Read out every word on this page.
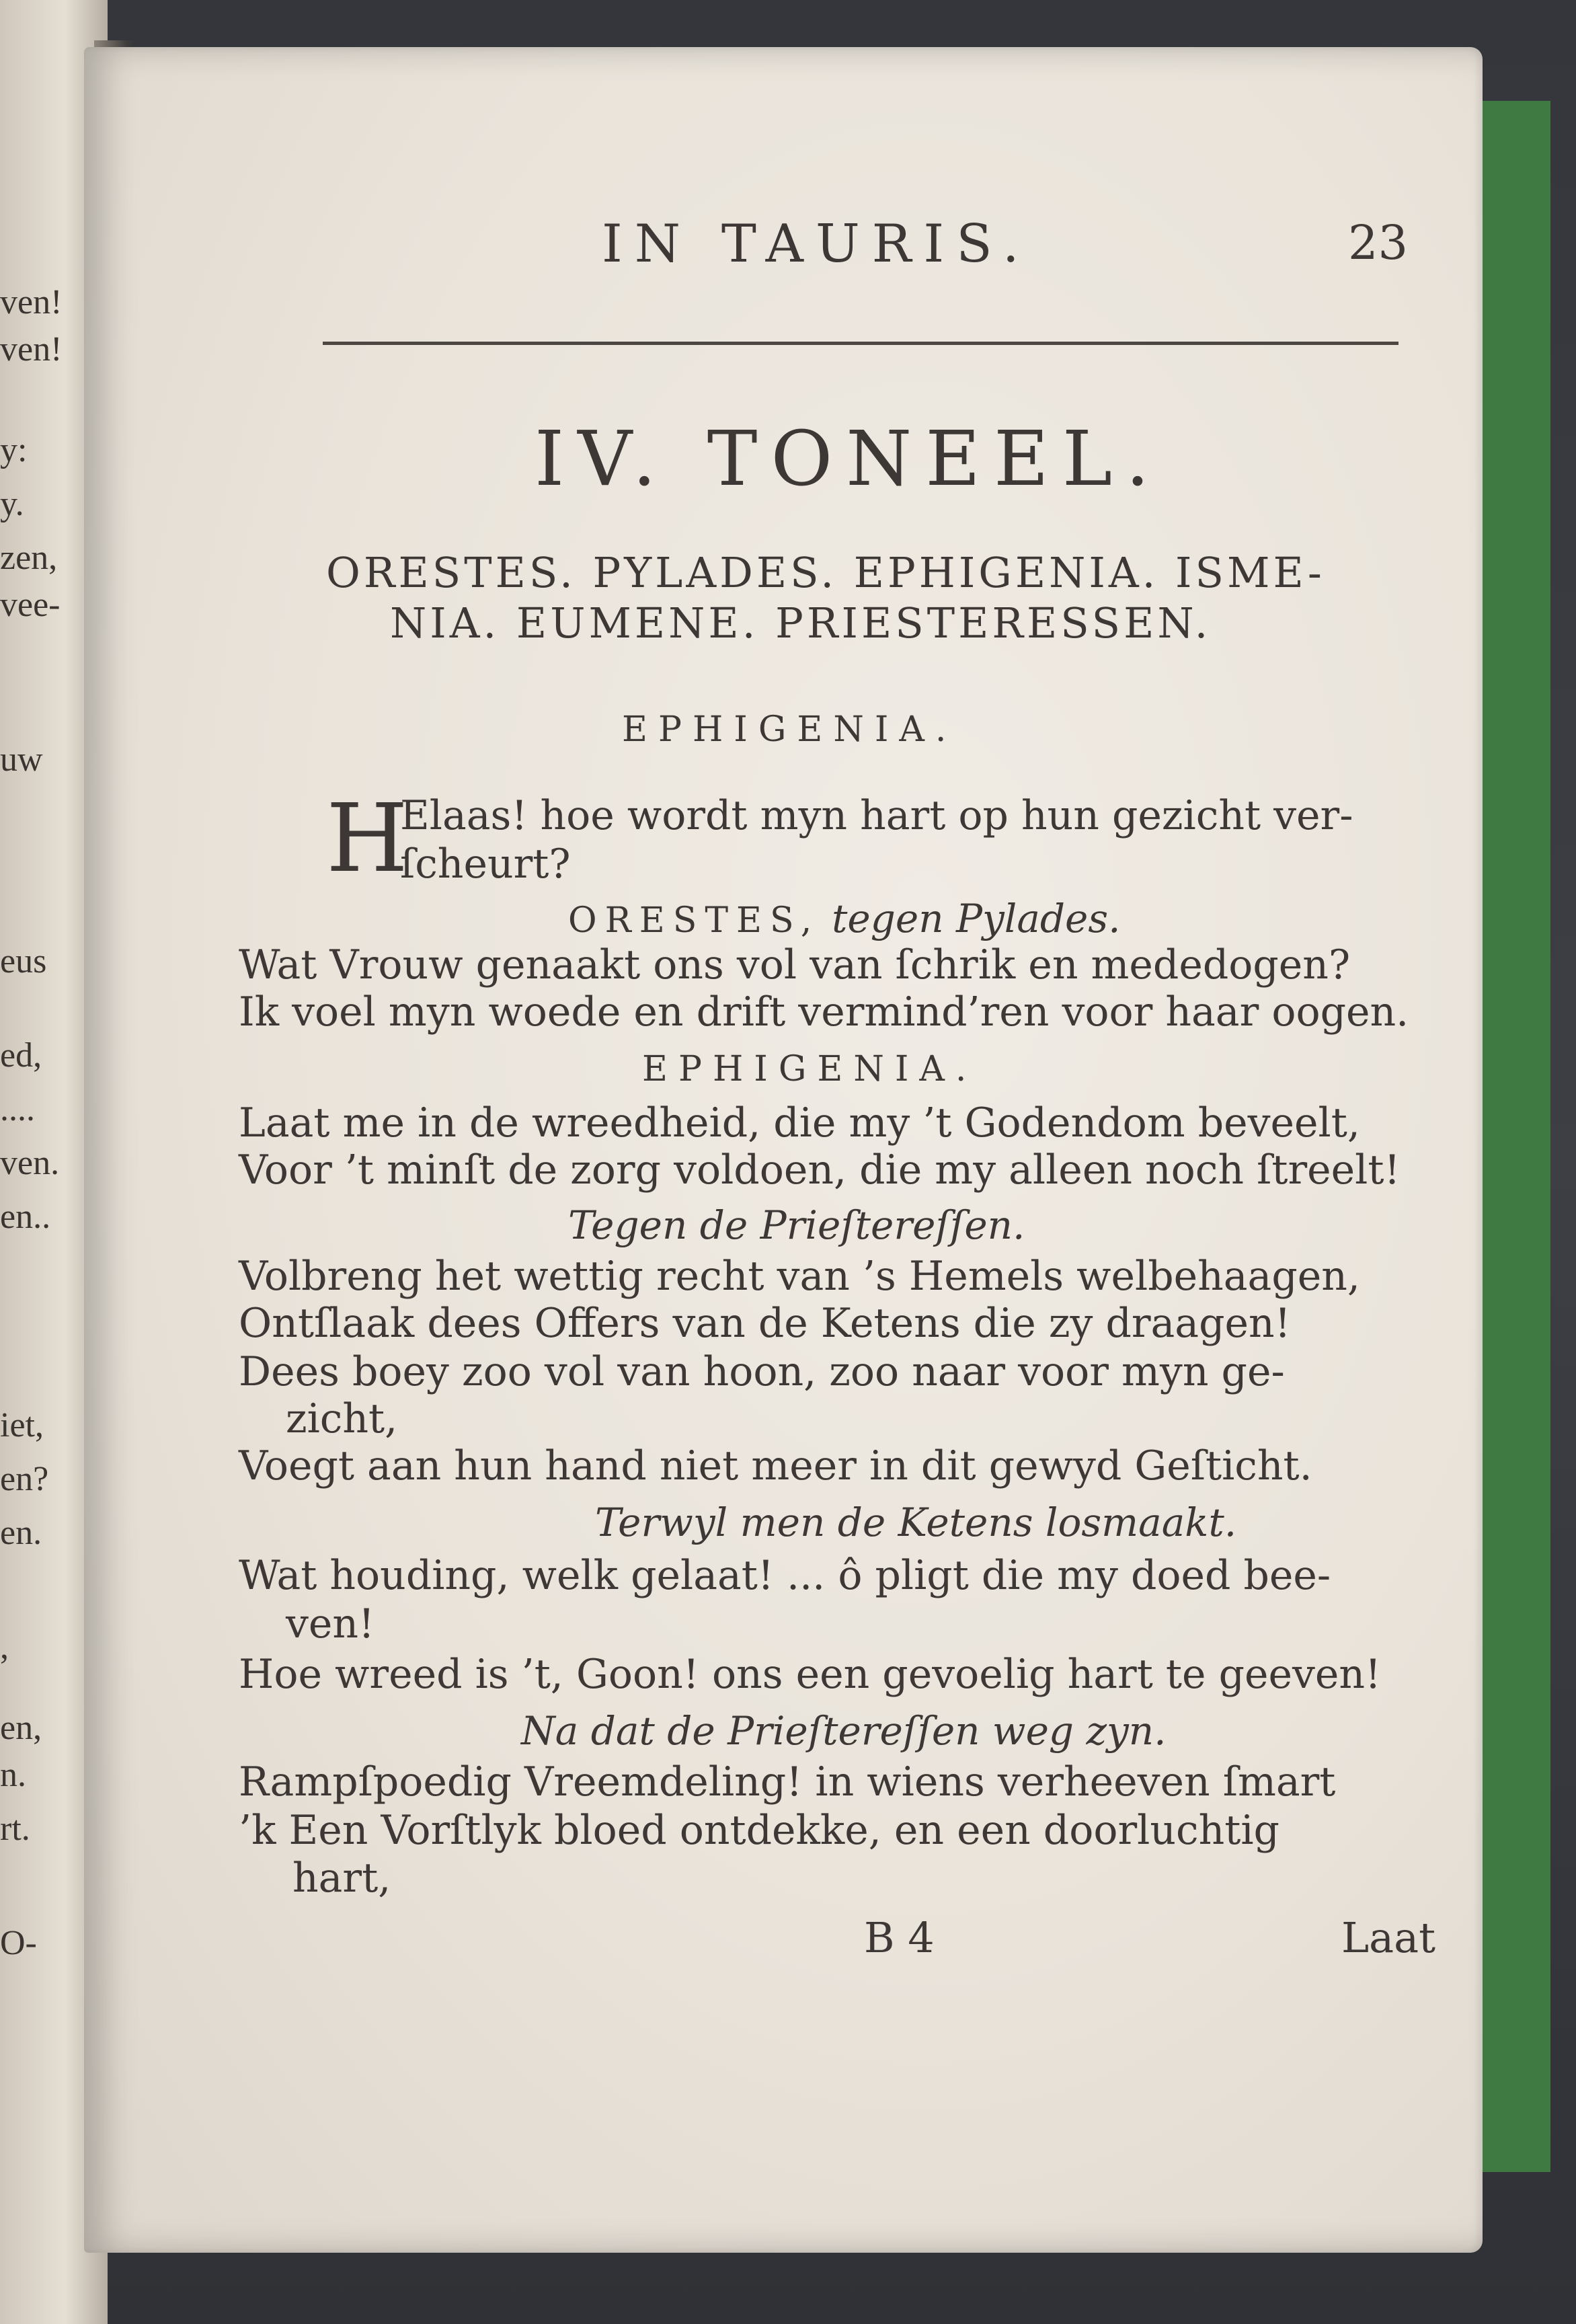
ven!
ven!
y:
y.
zen,
vee-
uw
eus
ed,
....
ven.
en..
iet,
en?
en.
,
en,
n.
rt.
O-
IN TAURIS.	23
IV. TONEEL.
ORESTES. PYLADES. EPHIGENIA. ISME-
NIA. EUMENE. PRIESTERESSEN.
EPHIGENIA.
H
Elaas! hoe wordt myn hart op hun gezicht ver-
ſcheurt?
ORESTES, tegen Pylades.
Wat Vrouw genaakt ons vol van ſchrik en mededogen?
Ik voel myn woede en drift vermind’ren voor haar oogen.
EPHIGENIA.
Laat me in de wreedheid, die my ’t Godendom beveelt,
Voor ’t minſt de zorg voldoen, die my alleen noch ſtreelt!
Tegen de Prieſtereſſen.
Volbreng het wettig recht van ’s Hemels welbehaagen,
Ontſlaak dees Offers van de Ketens die zy draagen!
Dees boey zoo vol van hoon, zoo naar voor myn ge-
zicht,
Voegt aan hun hand niet meer in dit gewyd Geſticht.
Terwyl men de Ketens losmaakt.
Wat houding, welk gelaat! ... ô pligt die my doed bee-
ven!
Hoe wreed is ’t, Goon! ons een gevoelig hart te geeven!
Na dat de Prieſtereſſen weg zyn.
Rampſpoedig Vreemdeling! in wiens verheeven ſmart
’k Een Vorſtlyk bloed ontdekke, en een doorluchtig
hart,
B 4	Laat
